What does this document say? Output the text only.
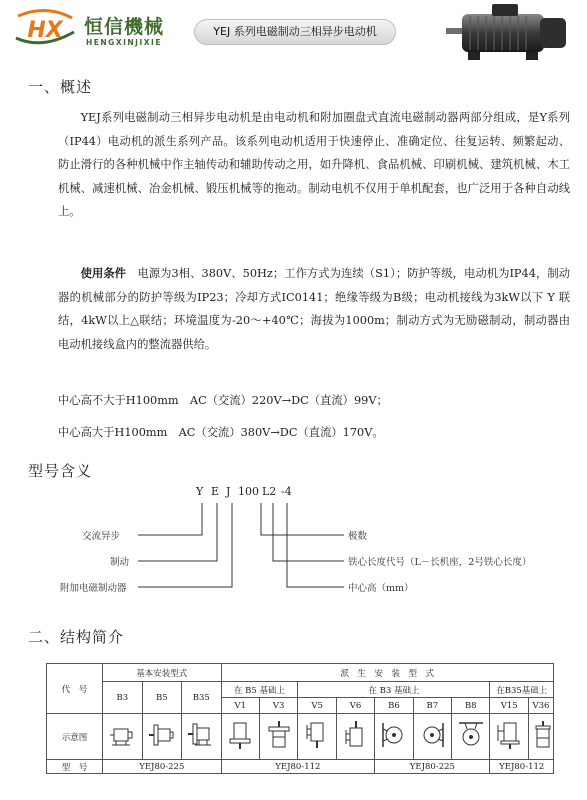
HX 恒信機械
HENGXINJIXIE
YEJ 系列电磁制动三相异步电动机
一、概述
YEJ系列电磁制动三相异步电动机是由电动机和附加圈盘式直流电磁制动器两部分组成，是Y系列（IP44）电动机的派生系列产品。该系列电动机适用于快速停止、准确定位、往复运转、频繁起动、防止滑行的各种机械中作主轴传动和辅助传动之用，如升降机、食品机械、印刷机械、建筑机械、木工机械、减速机械、冶金机械、锻压机械等的拖动。制动电机不仅用于单机配套，也广泛用于各种自动线上。
使用条件　 电源为3相、380V、50Hz；工作方式为连续（S1）；防护等级，电动机为IP44，制动器的机械部分的防护等级为IP23；冷却方式IC0141；绝缘等级为B级；电动机接线为3kW以下 Y 联结，4kW以上△联结；环境温度为-20～+40℃；海拔为1000m；制动方式为无励磁制动，制动器由电动机接线盒内的整流器供给。
中心高不大于H100mm　AC（交流）220V→DC（直流）99V；
中心高大于H100mm　AC（交流）380V→DC（直流）170V。
型号含义
Y E J 100 L2 -4
交流异步
制动
附加电磁制动器
极数
铁心长度代号（L－长机座，2号铁心长度）
中心高（mm）
二、结构简介
代　号	基本安装型式			派　生　安　装　型　式								
	B3	B5	B35	在 B5 基础上		在 B3 基础上					在B35基础上	
				V1	V3	V5	V6	B6	B7	B8	V15	V36
示意图												
型　号	YEJ80-225			YEJ80-112				YEJ80-225			YEJ80-112	
